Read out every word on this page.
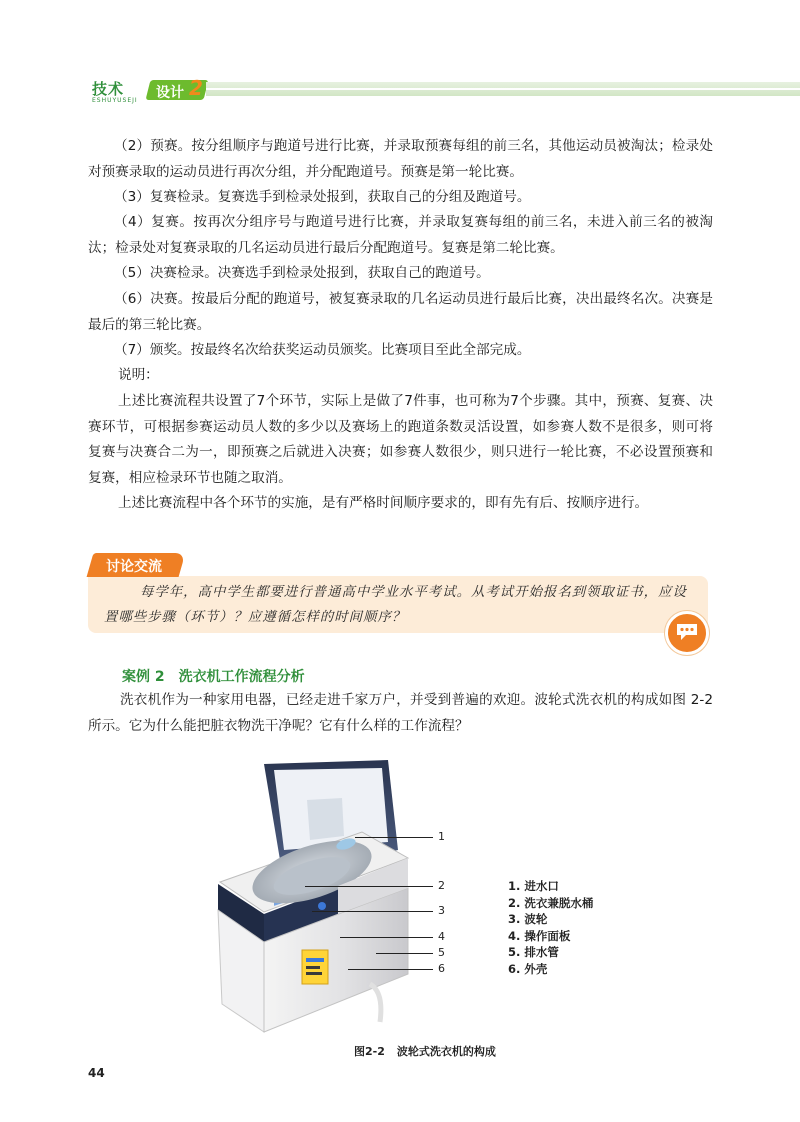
技术
ESHUYUSEJI 设计 2

（2）预赛。按分组顺序与跑道号进行比赛，并录取预赛每组的前三名，其他运动员被淘汰；检录处对预赛录取的运动员进行再次分组，并分配跑道号。预赛是第一轮比赛。

（3）复赛检录。复赛选手到检录处报到，获取自己的分组及跑道号。

（4）复赛。按再次分组序号与跑道号进行比赛，并录取复赛每组的前三名，未进入前三名的被淘汰；检录处对复赛录取的几名运动员进行最后分配跑道号。复赛是第二轮比赛。

（5）决赛检录。决赛选手到检录处报到，获取自己的跑道号。

（6）决赛。按最后分配的跑道号，被复赛录取的几名运动员进行最后比赛，决出最终名次。决赛是最后的第三轮比赛。

（7）颁奖。按最终名次给获奖运动员颁奖。比赛项目至此全部完成。

说明：

上述比赛流程共设置了7个环节，实际上是做了7件事，也可称为7个步骤。其中，预赛、复赛、决赛环节，可根据参赛运动员人数的多少以及赛场上的跑道条数灵活设置，如参赛人数不是很多，则可将复赛与决赛合二为一，即预赛之后就进入决赛；如参赛人数很少，则只进行一轮比赛，不必设置预赛和复赛，相应检录环节也随之取消。

上述比赛流程中各个环节的实施，是有严格时间顺序要求的，即有先有后、按顺序进行。

讨论交流

每学年，高中学生都要进行普通高中学业水平考试。从考试开始报名到领取证书，应设置哪些步骤（环节）？应遵循怎样的时间顺序？

案例 2　洗衣机工作流程分析

洗衣机作为一种家用电器，已经走进千家万户，并受到普遍的欢迎。波轮式洗衣机的构成如图 2-2 所示。它为什么能把脏衣物洗干净呢？它有什么样的工作流程？

1
2
3
4
5
6
1. 进水口
2. 洗衣兼脱水桶
3. 波轮
4. 操作面板
5. 排水管
6. 外壳
图2-2 波轮式洗衣机的构成
44
